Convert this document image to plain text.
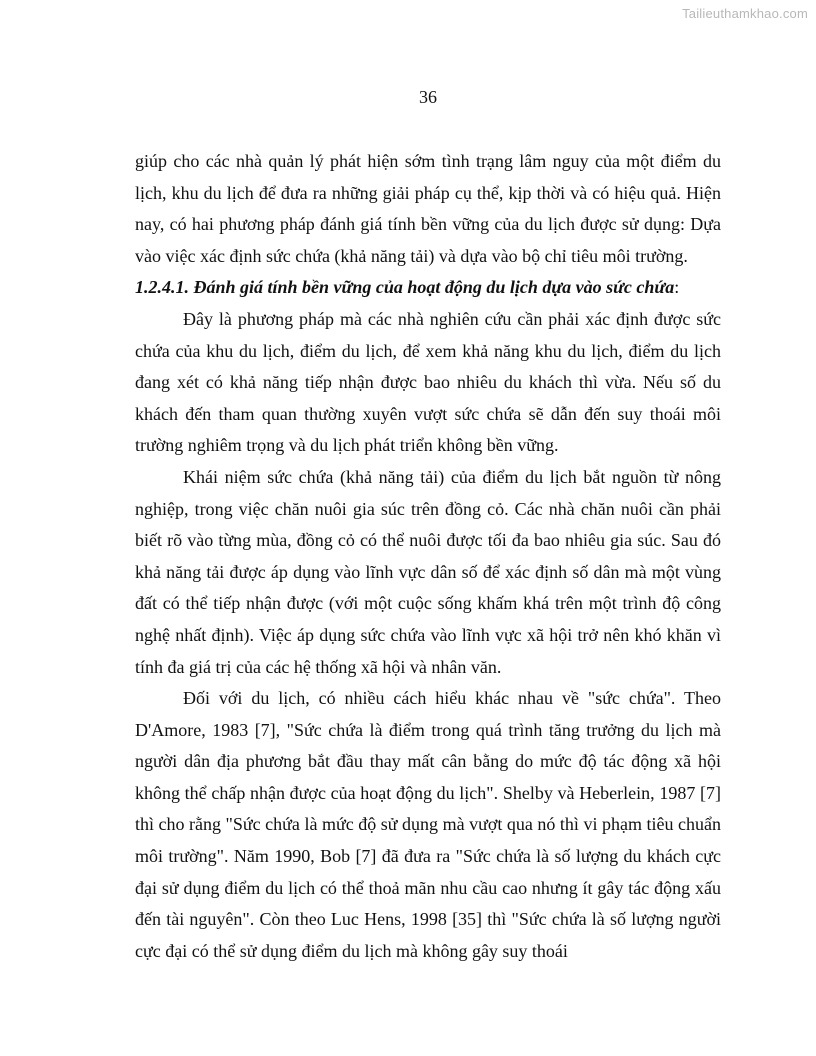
Tailieuthamkhao.com
36

giúp cho các nhà quản lý phát hiện sớm tình trạng lâm nguy của một điểm du lịch, khu du lịch để đưa ra những giải pháp cụ thể, kịp thời và có hiệu quả. Hiện nay, có hai phương pháp đánh giá tính bền vững của du lịch được sử dụng: Dựa vào việc xác định sức chứa (khả năng tải) và dựa vào bộ chỉ tiêu môi trường.

1.2.4.1. Đánh giá tính bền vững của hoạt động du lịch dựa vào sức chứa:

Đây là phương pháp mà các nhà nghiên cứu cần phải xác định được sức chứa của khu du lịch, điểm du lịch, để xem khả năng khu du lịch, điểm du lịch đang xét có khả năng tiếp nhận được bao nhiêu du khách thì vừa. Nếu số du khách đến tham quan thường xuyên vượt sức chứa sẽ dẫn đến suy thoái môi trường nghiêm trọng và du lịch phát triển không bền vững.

Khái niệm sức chứa (khả năng tải) của điểm du lịch bắt nguồn từ nông nghiệp, trong việc chăn nuôi gia súc trên đồng cỏ. Các nhà chăn nuôi cần phải biết rõ vào từng mùa, đồng cỏ có thể nuôi được tối đa bao nhiêu gia súc. Sau đó khả năng tải được áp dụng vào lĩnh vực dân số để xác định số dân mà một vùng đất có thể tiếp nhận được (với một cuộc sống khấm khá trên một trình độ công nghệ nhất định). Việc áp dụng sức chứa vào lĩnh vực xã hội trở nên khó khăn vì tính đa giá trị của các hệ thống xã hội và nhân văn.

Đối với du lịch, có nhiều cách hiểu khác nhau về "sức chứa". Theo D'Amore, 1983 [7], "Sức chứa là điểm trong quá trình tăng trưởng du lịch mà người dân địa phương bắt đầu thay mất cân bằng do mức độ tác động xã hội không thể chấp nhận được của hoạt động du lịch". Shelby và Heberlein, 1987 [7] thì cho rằng "Sức chứa là mức độ sử dụng mà vượt qua nó thì vi phạm tiêu chuẩn môi trường". Năm 1990, Bob [7] đã đưa ra "Sức chứa là số lượng du khách cực đại sử dụng điểm du lịch có thể thoả mãn nhu cầu cao nhưng ít gây tác động xấu đến tài nguyên". Còn theo Luc Hens, 1998 [35] thì "Sức chứa là số lượng người cực đại có thể sử dụng điểm du lịch mà không gây suy thoái
